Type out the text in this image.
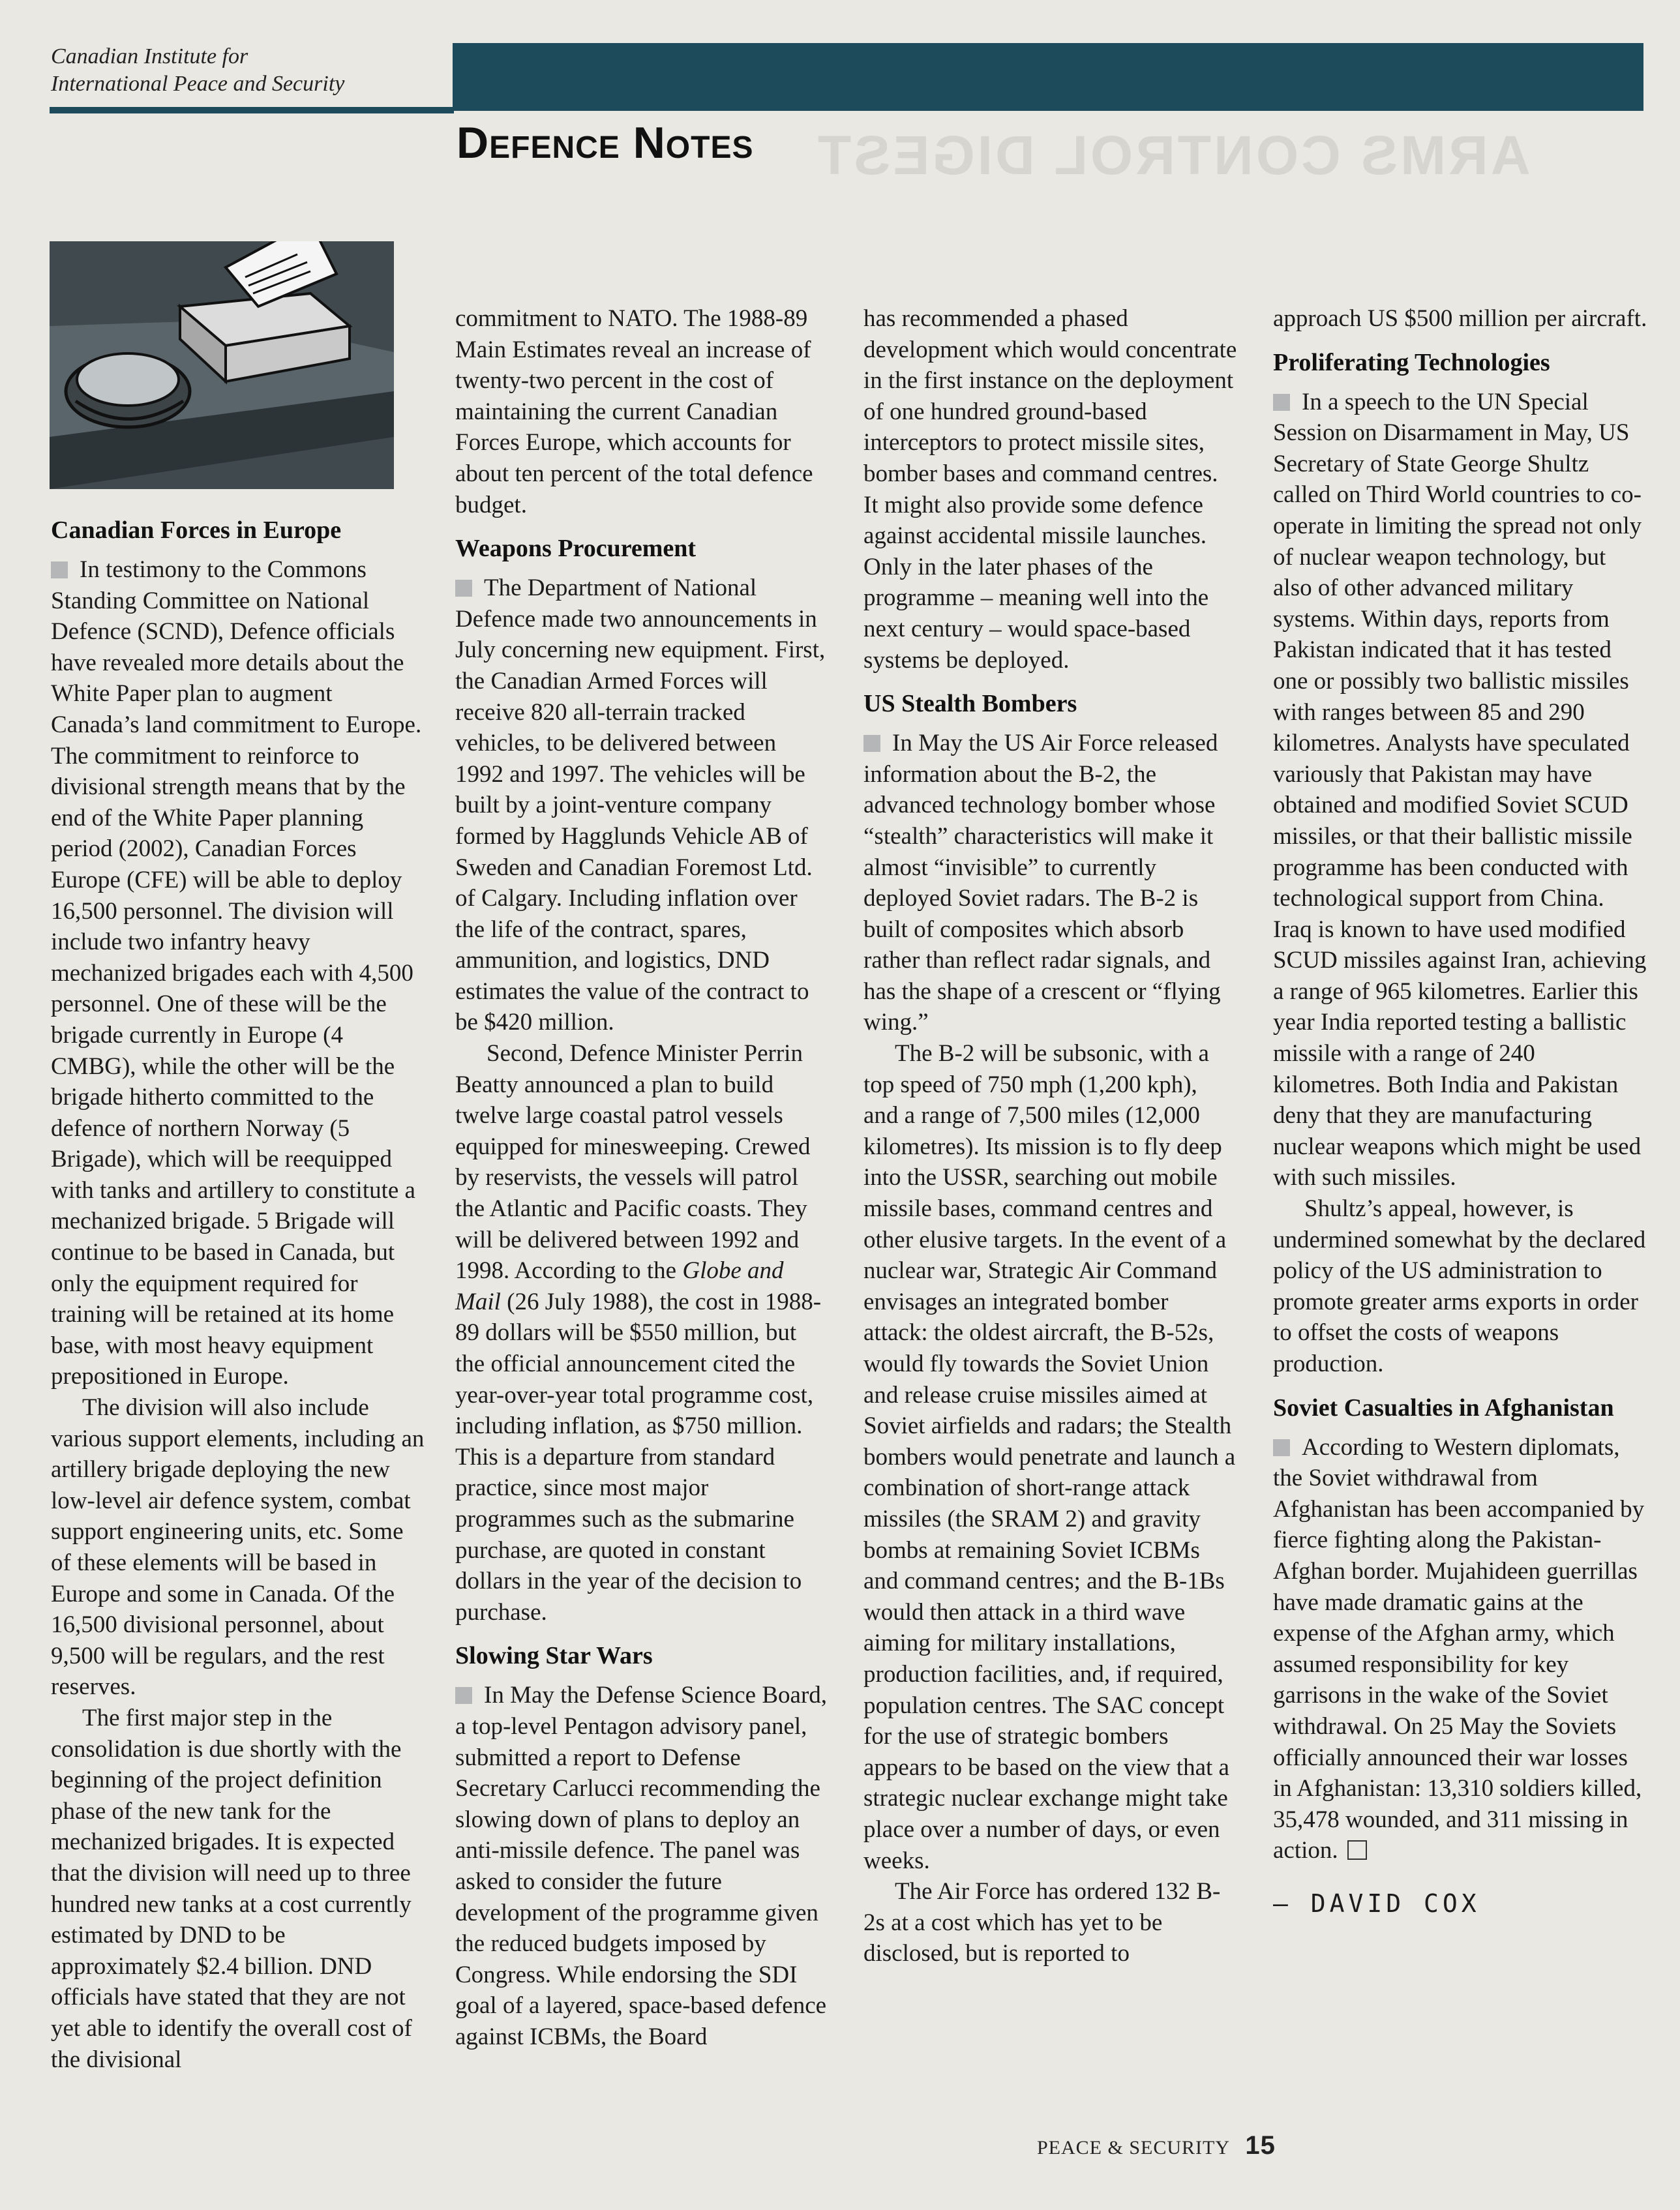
ARMS CONTROL DIGEST
Canadian Institute for
International Peace and Security
Defence Notes
Canadian Forces in Europe

In testimony to the Commons Standing Committee on National Defence (SCND), Defence officials have revealed more details about the White Paper plan to augment Canada’s land commitment to Europe. The commitment to reinforce to divisional strength means that by the end of the White Paper planning period (2002), Canadian Forces Europe (CFE) will be able to deploy 16,500 personnel. The division will include two infantry heavy mechanized brigades each with 4,500 personnel. One of these will be the brigade currently in Europe (4 CMBG), while the other will be the brigade hitherto committed to the defence of northern Norway (5 Brigade), which will be reequipped with tanks and artillery to constitute a mechanized brigade. 5 Brigade will continue to be based in Canada, but only the equipment required for training will be retained at its home base, with most heavy equipment prepositioned in Europe.

The division will also include various support elements, including an artillery brigade deploying the new low-level air defence system, combat support engineering units, etc. Some of these elements will be based in Europe and some in Canada. Of the 16,500 divisional personnel, about 9,500 will be regulars, and the rest reserves.

The first major step in the consolidation is due shortly with the beginning of the project definition phase of the new tank for the mechanized brigades. It is expected that the division will need up to three hundred new tanks at a cost currently estimated by DND to be approximately $2.4 billion. DND officials have stated that they are not yet able to identify the overall cost of the divisional

commitment to NATO. The 1988-89 Main Estimates reveal an increase of twenty-two percent in the cost of maintaining the current Canadian Forces Europe, which accounts for about ten percent of the total defence budget.

Weapons Procurement

The Department of National Defence made two announcements in July concerning new equipment. First, the Canadian Armed Forces will receive 820 all-terrain tracked vehicles, to be delivered between 1992 and 1997. The vehicles will be built by a joint-venture company formed by Hagglunds Vehicle AB of Sweden and Canadian Foremost Ltd. of Calgary. Including inflation over the life of the contract, spares, ammunition, and logistics, DND estimates the value of the contract to be $420 million.

Second, Defence Minister Perrin Beatty announced a plan to build twelve large coastal patrol vessels equipped for minesweeping. Crewed by reservists, the vessels will patrol the Atlantic and Pacific coasts. They will be delivered between 1992 and 1998. According to the Globe and Mail (26 July 1988), the cost in 1988-89 dollars will be $550 million, but the official announcement cited the year-over-year total programme cost, including inflation, as $750 million. This is a departure from standard practice, since most major programmes such as the submarine purchase, are quoted in constant dollars in the year of the decision to purchase.

Slowing Star Wars

In May the Defense Science Board, a top-level Pentagon advisory panel, submitted a report to Defense Secretary Carlucci recommending the slowing down of plans to deploy an anti-missile defence. The panel was asked to consider the future development of the programme given the reduced budgets imposed by Congress. While endorsing the SDI goal of a layered, space-based defence against ICBMs, the Board

has recommended a phased development which would concentrate in the first instance on the deployment of one hundred ground-based interceptors to protect missile sites, bomber bases and command centres. It might also provide some defence against accidental missile launches. Only in the later phases of the programme – meaning well into the next century – would space-based systems be deployed.

US Stealth Bombers

In May the US Air Force released information about the B-2, the advanced technology bomber whose “stealth” characteristics will make it almost “invisible” to currently deployed Soviet radars. The B-2 is built of composites which absorb rather than reflect radar signals, and has the shape of a crescent or “flying wing.”

The B-2 will be subsonic, with a top speed of 750 mph (1,200 kph), and a range of 7,500 miles (12,000 kilometres). Its mission is to fly deep into the USSR, searching out mobile missile bases, command centres and other elusive targets. In the event of a nuclear war, Strategic Air Command envisages an integrated bomber attack: the oldest aircraft, the B-52s, would fly towards the Soviet Union and release cruise missiles aimed at Soviet airfields and radars; the Stealth bombers would penetrate and launch a combination of short-range attack missiles (the SRAM 2) and gravity bombs at remaining Soviet ICBMs and command centres; and the B-1Bs would then attack in a third wave aiming for military installations, production facilities, and, if required, population centres. The SAC concept for the use of strategic bombers appears to be based on the view that a strategic nuclear exchange might take place over a number of days, or even weeks.

The Air Force has ordered 132 B-2s at a cost which has yet to be disclosed, but is reported to

approach US $500 million per aircraft.

Proliferating Technologies

In a speech to the UN Special Session on Disarmament in May, US Secretary of State George Shultz called on Third World countries to co-operate in limiting the spread not only of nuclear weapon technology, but also of other advanced military systems. Within days, reports from Pakistan indicated that it has tested one or possibly two ballistic missiles with ranges between 85 and 290 kilometres. Analysts have speculated variously that Pakistan may have obtained and modified Soviet SCUD missiles, or that their ballistic missile programme has been conducted with technological support from China. Iraq is known to have used modified SCUD missiles against Iran, achieving a range of 965 kilometres. Earlier this year India reported testing a ballistic missile with a range of 240 kilometres. Both India and Pakistan deny that they are manufacturing nuclear weapons which might be used with such missiles.

Shultz’s appeal, however, is undermined somewhat by the declared policy of the US administration to promote greater arms exports in order to offset the costs of weapons production.

Soviet Casualties in Afghanistan

According to Western diplomats, the Soviet withdrawal from Afghanistan has been accompanied by fierce fighting along the Pakistan-Afghan border. Mujahideen guerrillas have made dramatic gains at the expense of the Afghan army, which assumed responsibility for key garrisons in the wake of the Soviet withdrawal. On 25 May the Soviets officially announced their war losses in Afghanistan: 13,310 soldiers killed, 35,478 wounded, and 311 missing in action.

– DAVID COX
PEACE & SECURITY 15
